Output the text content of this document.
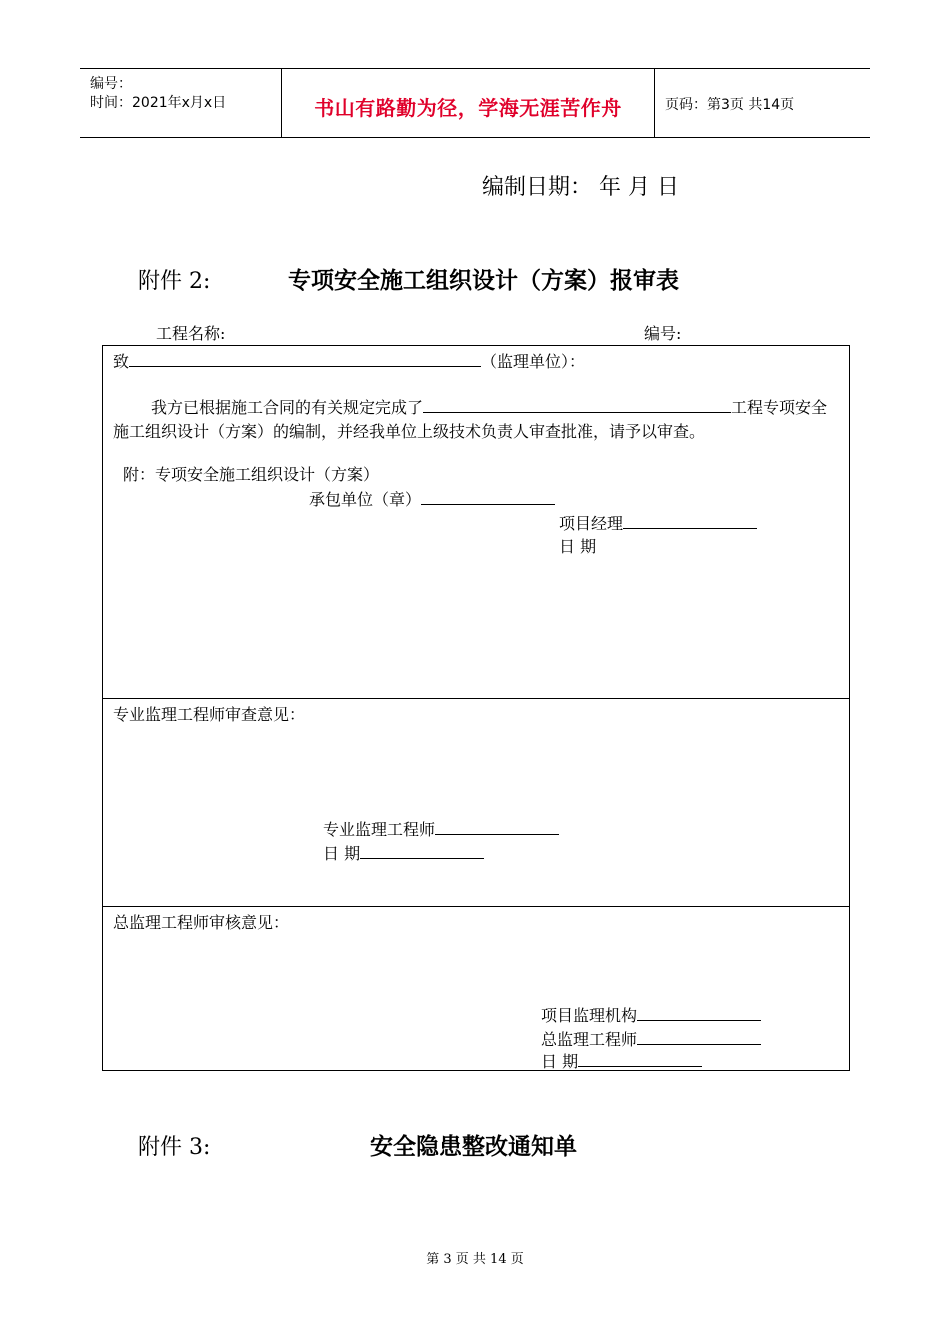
编号：
时间：2021年x月x日	书山有路勤为径，学海无涯苦作舟	页码：第3页 共14页
编制日期： 年 月 日
附件 2:	专项安全施工组织设计（方案）报审表
工程名称:	编号:
致	（监理单位）：
我方已根据施工合同的有关规定完成了	工程专项安全施工组织设计（方案）的编制，并经我单位上级技术负责人审查批准，请予以审查。
附：专项安全施工组织设计（方案）
承包单位（章）
项目经理
日 期
专业监理工程师审查意见：
专业监理工程师
日 期
总监理工程师审核意见：
项目监理机构
总监理工程师
日 期
附件 3:	安全隐患整改通知单
第 3 页 共 14 页
